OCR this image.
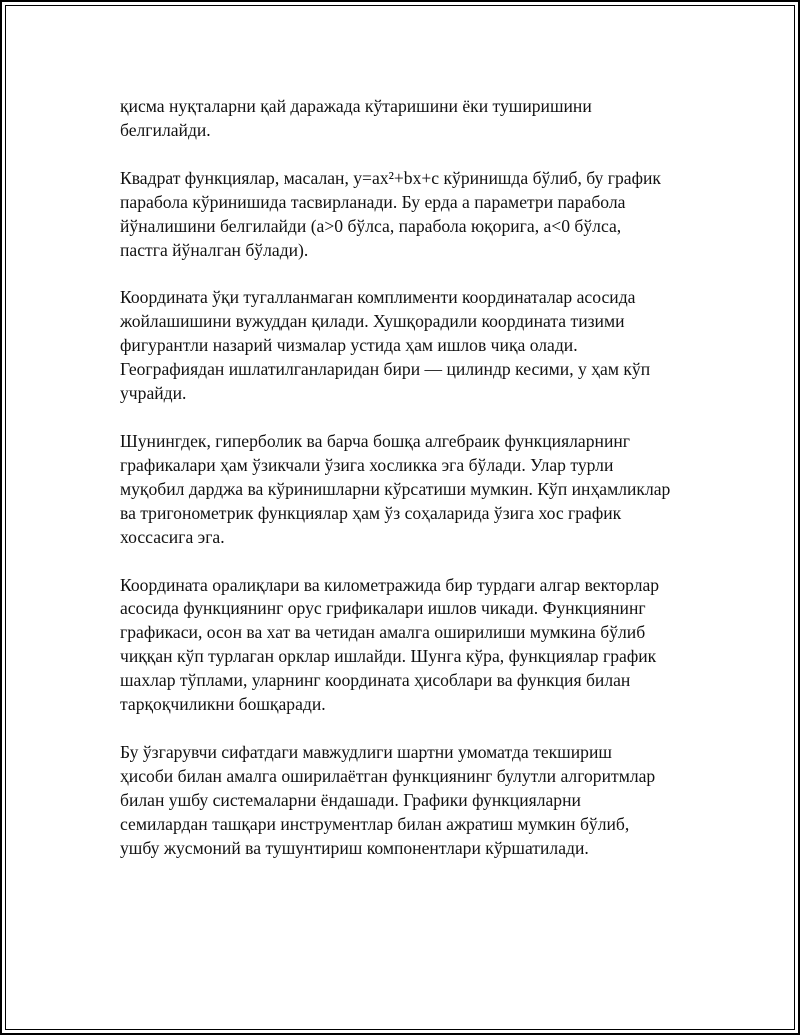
қисма нуқталарни қай даражада кўтаришини ёки туширишини
белгилайди.

Квадрат функциялар, масалан, y=ax²+bx+c кўринишда бўлиб, бу график
парабола кўринишида тасвирланади. Бу ерда a параметри парабола
йўналишини белгилайди (a>0 бўлса, парабола юқорига, a<0 бўлса,
пастга йўналган бўлади).

Координата ўқи тугалланмаган комплименти координаталар асосида
жойлашишини вужуддан қилади. Хушқорадили координата тизими
фигурантли назарий чизмалар устида ҳам ишлов чиқа олади.
Географиядан ишлатилганларидан бири — цилиндр кесими, у ҳам кўп
учрайди.

Шунингдек, гиперболик ва барча бошқа алгебраик функцияларнинг
графикалари ҳам ўзикчали ўзига хосликка эга бўлади. Улар турли
муқобил дарджа ва кўринишларни кўрсатиши мумкин. Кўп инҳамликлар
ва тригонометрик функциялар ҳам ўз соҳаларида ўзига хос график
хоссасига эга.

Координата оралиқлари ва километражида бир турдаги алгар векторлар
асосида функциянинг орус грификалари ишлов чикади. Функциянинг
графикаси, осон ва хат ва четидан амалга оширилиши мумкина бўлиб
чиққан кўп турлаган орклар ишлайди. Шунга кўра, функциялар график
шахлар тўплами, уларнинг координата ҳисоблари ва функция билан
тарқоқчиликни бошқаради.

Бу ўзгарувчи сифатдаги мавжудлиги шартни умоматда текшириш
ҳисоби билан амалга оширилаётган функциянинг булутли алгоритмлар
билан ушбу системаларни ёндашади. Графики функцияларни
семилардан ташқари инструментлар билан ажратиш мумкин бўлиб,
ушбу жусмоний ва тушунтириш компонентлари кўршатилади.
